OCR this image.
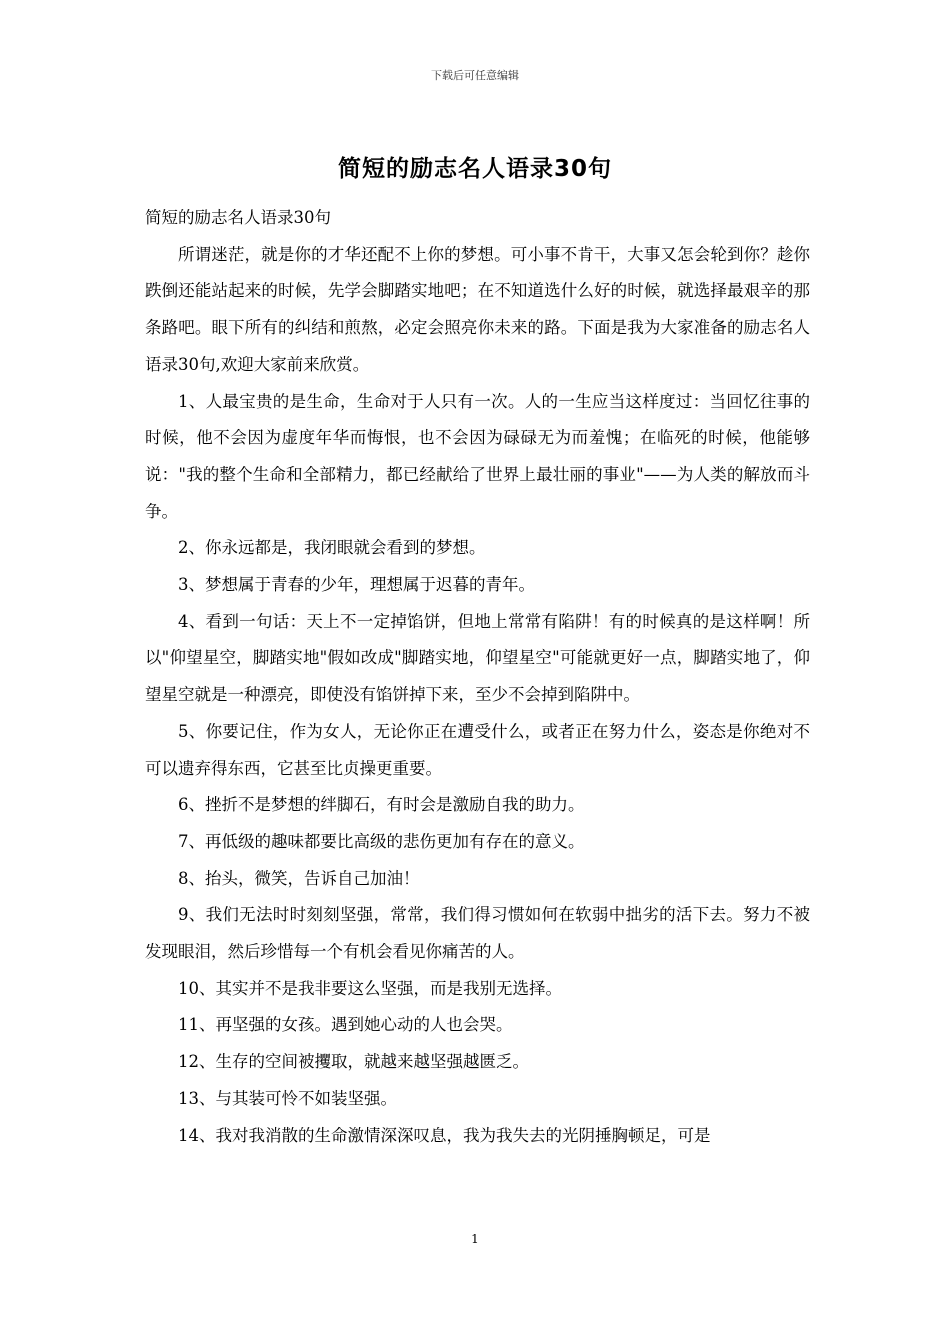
下载后可任意编辑
简短的励志名人语录30句

简短的励志名人语录30句

所谓迷茫，就是你的才华还配不上你的梦想。可小事不肯干，大事又怎会轮到你？趁你跌倒还能站起来的时候，先学会脚踏实地吧；在不知道选什么好的时候，就选择最艰辛的那条路吧。眼下所有的纠结和煎熬，必定会照亮你未来的路。下面是我为大家准备的励志名人语录30句,欢迎大家前来欣赏。

1、人最宝贵的是生命，生命对于人只有一次。人的一生应当这样度过：当回忆往事的时候，他不会因为虚度年华而悔恨，也不会因为碌碌无为而羞愧；在临死的时候，他能够说："我的整个生命和全部精力，都已经献给了世界上最壮丽的事业"——为人类的解放而斗争。

2、你永远都是，我闭眼就会看到的梦想。

3、梦想属于青春的少年，理想属于迟暮的青年。

4、看到一句话：天上不一定掉馅饼，但地上常常有陷阱！有的时候真的是这样啊！所以"仰望星空，脚踏实地"假如改成"脚踏实地，仰望星空"可能就更好一点，脚踏实地了，仰望星空就是一种漂亮，即使没有馅饼掉下来，至少不会掉到陷阱中。

5、你要记住，作为女人，无论你正在遭受什么，或者正在努力什么，姿态是你绝对不可以遗弃得东西，它甚至比贞操更重要。

6、挫折不是梦想的绊脚石，有时会是激励自我的助力。

7、再低级的趣味都要比高级的悲伤更加有存在的意义。

8、抬头，微笑，告诉自己加油！

9、我们无法时时刻刻坚强，常常，我们得习惯如何在软弱中拙劣的活下去。努力不被发现眼泪，然后珍惜每一个有机会看见你痛苦的人。

10、其实并不是我非要这么坚强，而是我别无选择。

11、再坚强的女孩。遇到她心动的人也会哭。

12、生存的空间被攫取，就越来越坚强越匮乏。

13、与其装可怜不如装坚强。

14、我对我消散的生命激情深深叹息，我为我失去的光阴捶胸顿足，可是

1
